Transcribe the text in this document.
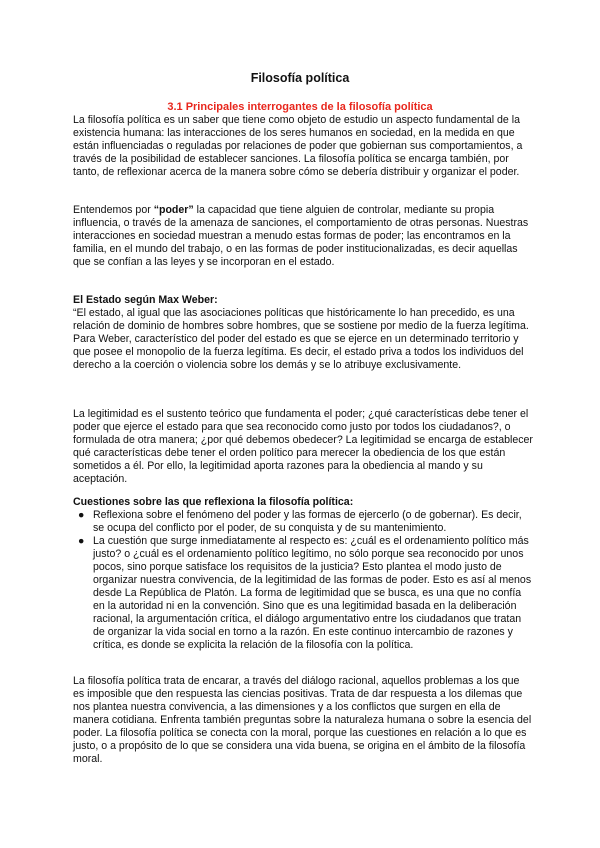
Filosofía política
3.1 Principales interrogantes de la filosofía política

La filosofía política es un saber que tiene como objeto de estudio un aspecto fundamental de la existencia humana: las interacciones de los seres humanos en sociedad, en la medida en que están influenciadas o reguladas por relaciones de poder que gobiernan sus comportamientos, a través de la posibilidad de establecer sanciones. La filosofía política se encarga también, por tanto, de reflexionar acerca de la manera sobre cómo se debería distribuir y organizar el poder.

Entendemos por “poder” la capacidad que tiene alguien de controlar, mediante su propia influencia, o través de la amenaza de sanciones, el comportamiento de otras personas. Nuestras interacciones en sociedad muestran a menudo estas formas de poder; las encontramos en la familia, en el mundo del trabajo, o en las formas de poder institucionalizadas, es decir aquellas que se confían a las leyes y se incorporan en el estado.

El Estado según Max Weber:

“El estado, al igual que las asociaciones políticas que históricamente lo han precedido, es una relación de dominio de hombres sobre hombres, que se sostiene por medio de la fuerza legítima.

Para Weber, característico del poder del estado es que se ejerce en un determinado territorio y que posee el monopolio de la fuerza legítima. Es decir, el estado priva a todos los individuos del derecho a la coerción o violencia sobre los demás y se lo atribuye exclusivamente.

La legitimidad es el sustento teórico que fundamenta el poder; ¿qué características debe tener el poder que ejerce el estado para que sea reconocido como justo por todos los ciudadanos?, o formulada de otra manera; ¿por qué debemos obedecer? La legitimidad se encarga de establecer qué características debe tener el orden político para merecer la obediencia de los que están sometidos a él. Por ello, la legitimidad aporta razones para la obediencia al mando y su aceptación.

Cuestiones sobre las que reflexiona la filosofía política:

● Reflexiona sobre el fenómeno del poder y las formas de ejercerlo (o de gobernar). Es decir, se ocupa del conflicto por el poder, de su conquista y de su mantenimiento.
● La cuestión que surge inmediatamente al respecto es: ¿cuál es el ordenamiento político más justo? o ¿cuál es el ordenamiento político legítimo, no sólo porque sea reconocido por unos pocos, sino porque satisface los requisitos de la justicia? Esto plantea el modo justo de organizar nuestra convivencia, de la legitimidad de las formas de poder. Esto es así al menos desde La República de Platón. La forma de legitimidad que se busca, es una que no confía en la autoridad ni en la convención. Sino que es una legitimidad basada en la deliberación racional, la argumentación crítica, el diálogo argumentativo entre los ciudadanos que tratan de organizar la vida social en torno a la razón. En este continuo intercambio de razones y crítica, es donde se explicita la relación de la filosofía con la política.

La filosofía política trata de encarar, a través del diálogo racional, aquellos problemas a los que es imposible que den respuesta las ciencias positivas. Trata de dar respuesta a los dilemas que nos plantea nuestra convivencia, a las dimensiones y a los conflictos que surgen en ella de manera cotidiana. Enfrenta también preguntas sobre la naturaleza humana o sobre la esencia del poder. La filosofía política se conecta con la moral, porque las cuestiones en relación a lo que es justo, o a propósito de lo que se considera una vida buena, se origina en el ámbito de la filosofía moral.
